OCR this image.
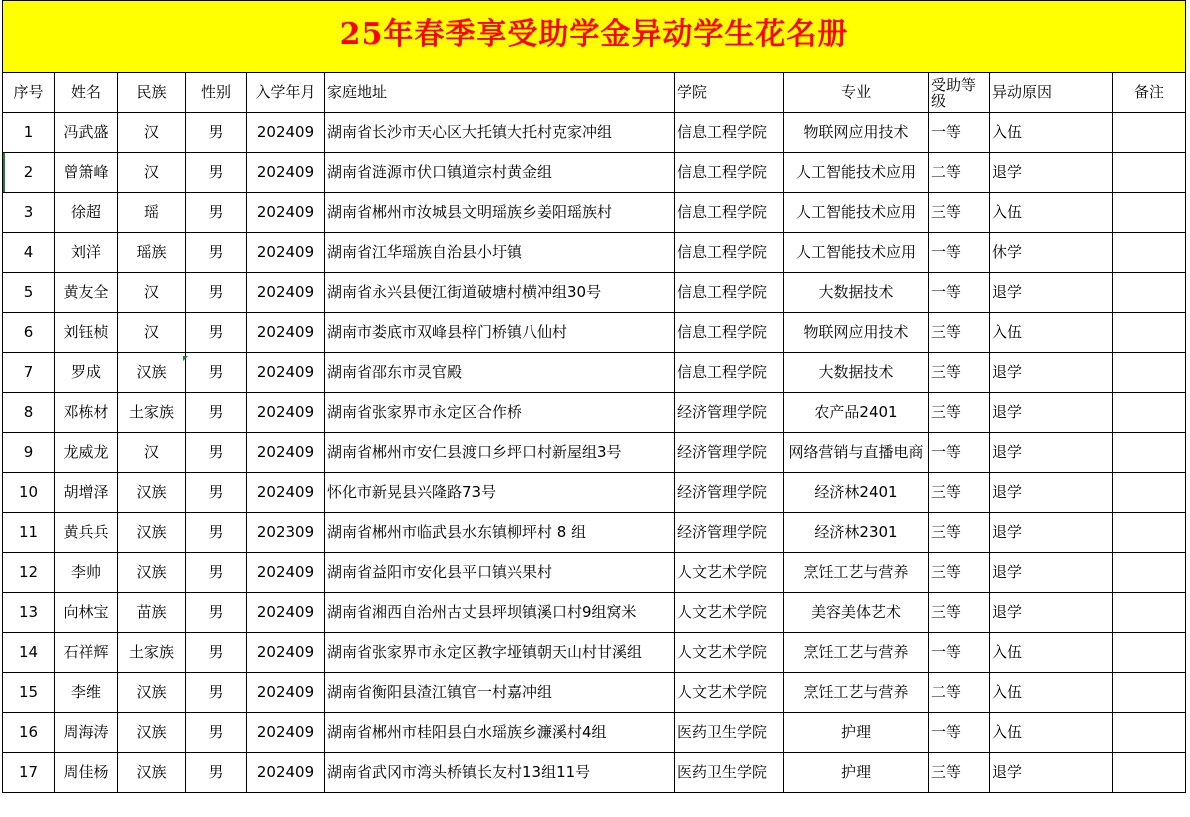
25年春季享受助学金异动学生花名册										
序号	姓名	民族	性别	入学年月	家庭地址	学院	专业	受助等级	异动原因	备注
1	冯武盛	汉	男	202409	湖南省长沙市天心区大托镇大托村克家冲组	信息工程学院	物联网应用技术	一等	入伍	
2	曾箫峰	汉	男	202409	湖南省涟源市伏口镇道宗村黄金组	信息工程学院	人工智能技术应用	二等	退学	
3	徐超	瑶	男	202409	湖南省郴州市汝城县文明瑶族乡姜阳瑶族村	信息工程学院	人工智能技术应用	三等	入伍	
4	刘洋	瑶族	男	202409	湖南省江华瑶族自治县小圩镇	信息工程学院	人工智能技术应用	一等	休学	
5	黄友全	汉	男	202409	湖南省永兴县便江街道破塘村横冲组30号	信息工程学院	大数据技术	一等	退学	
6	刘钰桢	汉	男	202409	湖南市娄底市双峰县梓门桥镇八仙村	信息工程学院	物联网应用技术	三等	入伍	
7	罗成	汉族	男	202409	湖南省邵东市灵官殿	信息工程学院	大数据技术	三等	退学	
8	邓栋材	土家族	男	202409	湖南省张家界市永定区合作桥	经济管理学院	农产品2401	三等	退学	
9	龙威龙	汉	男	202409	湖南省郴州市安仁县渡口乡坪口村新屋组3号	经济管理学院	网络营销与直播电商	一等	退学	
10	胡增泽	汉族	男	202409	怀化市新晃县兴隆路73号	经济管理学院	经济林2401	三等	退学	
11	黄兵兵	汉族	男	202309	湖南省郴州市临武县水东镇柳坪村 8 组	经济管理学院	经济林2301	三等	退学	
12	李帅	汉族	男	202409	湖南省益阳市安化县平口镇兴果村	人文艺术学院	烹饪工艺与营养	三等	退学	
13	向林宝	苗族	男	202409	湖南省湘西自治州古丈县坪坝镇溪口村9组窝米	人文艺术学院	美容美体艺术	三等	退学	
14	石祥辉	土家族	男	202409	湖南省张家界市永定区教字垭镇朝天山村甘溪组	人文艺术学院	烹饪工艺与营养	一等	入伍	
15	李维	汉族	男	202409	湖南省衡阳县渣江镇官一村嘉冲组	人文艺术学院	烹饪工艺与营养	二等	入伍	
16	周海涛	汉族	男	202409	湖南省郴州市桂阳县白水瑶族乡濂溪村4组	医药卫生学院	护理	一等	入伍	
17	周佳杨	汉族	男	202409	湖南省武冈市湾头桥镇长友村13组11号	医药卫生学院	护理	三等	退学	
